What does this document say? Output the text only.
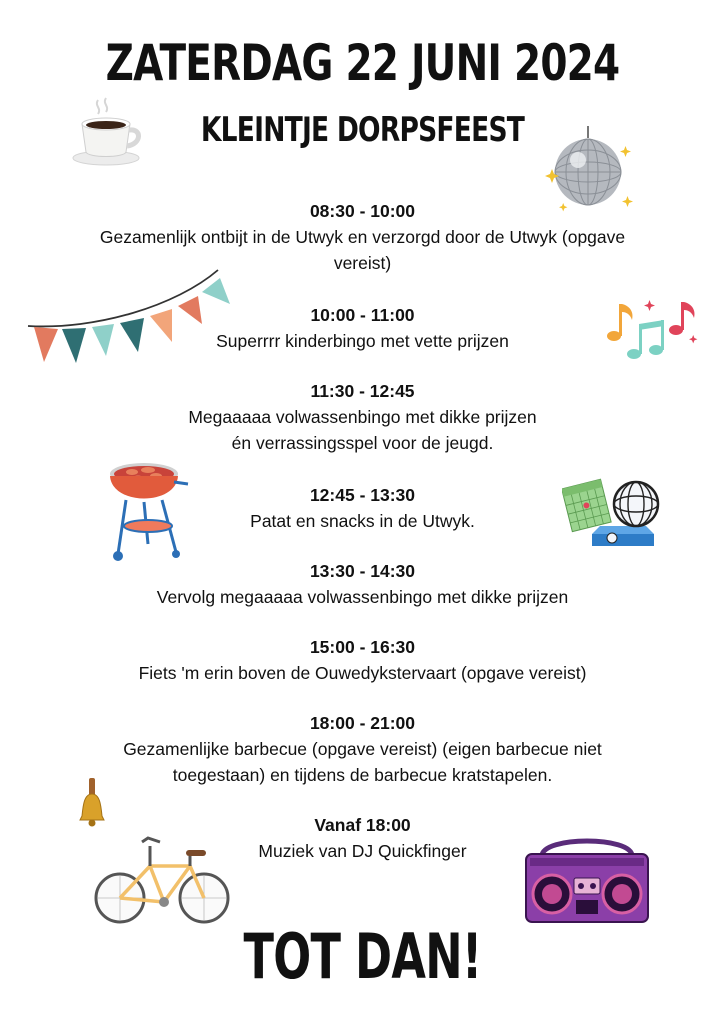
ZATERDAG 22 JUNI 2024
KLEINTJE DORPSFEEST
08:30 - 10:00
Gezamenlijk ontbijt in de Utwyk en verzorgd door de Utwyk (opgave
vereist)
10:00 - 11:00
Superrrr kinderbingo met vette prijzen
11:30 - 12:45
Megaaaaa volwassenbingo met dikke prijzen
én verrassingsspel voor de jeugd.
12:45 - 13:30
Patat en snacks in de Utwyk.
13:30 - 14:30
Vervolg megaaaaa volwassenbingo met dikke prijzen
15:00 - 16:30
Fiets 'm erin boven de Ouwedykstervaart (opgave vereist)
18:00 - 21:00
Gezamenlijke barbecue (opgave vereist) (eigen barbecue niet
toegestaan) en tijdens de barbecue kratstapelen.
Vanaf 18:00
Muziek van DJ Quickfinger
TOT DAN!
